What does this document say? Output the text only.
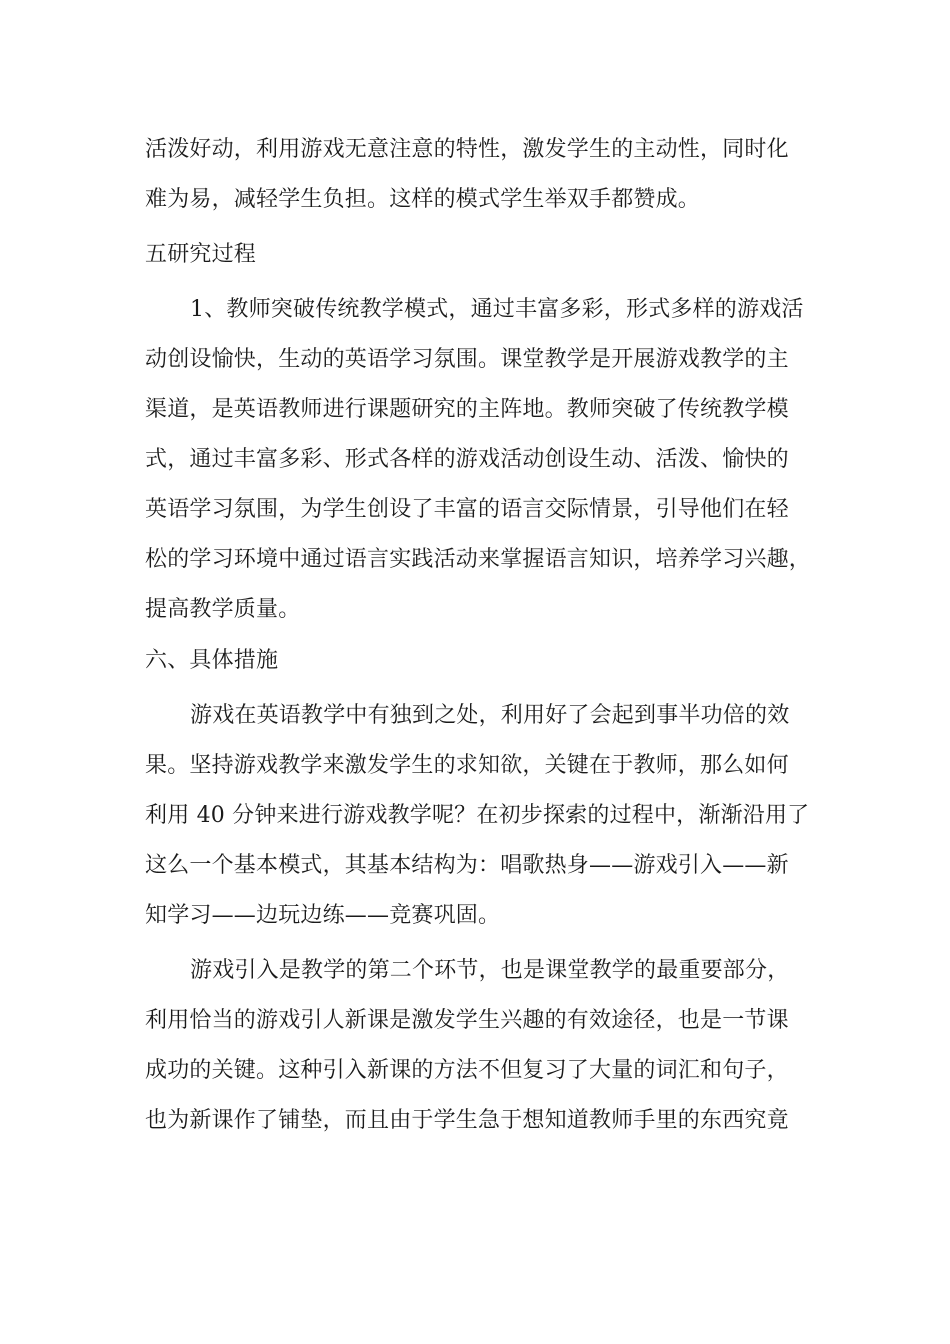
活泼好动，利用游戏无意注意的特性，激发学生的主动性，同时化

难为易，减轻学生负担。这样的模式学生举双手都赞成。

五研究过程

1、教师突破传统教学模式，通过丰富多彩，形式多样的游戏活

动创设愉快，生动的英语学习氛围。课堂教学是开展游戏教学的主

渠道，是英语教师进行课题研究的主阵地。教师突破了传统教学模

式，通过丰富多彩、形式各样的游戏活动创设生动、活泼、愉快的

英语学习氛围，为学生创设了丰富的语言交际情景，引导他们在轻

松的学习环境中通过语言实践活动来掌握语言知识，培养学习兴趣，

提高教学质量。

六、具体措施

游戏在英语教学中有独到之处，利用好了会起到事半功倍的效

果。坚持游戏教学来激发学生的求知欲，关键在于教师，那么如何

利用 40 分钟来进行游戏教学呢？在初步探索的过程中，渐渐沿用了

这么一个基本模式，其基本结构为：唱歌热身——游戏引入——新

知学习——边玩边练——竞赛巩固。

游戏引入是教学的第二个环节，也是课堂教学的最重要部分，

利用恰当的游戏引人新课是激发学生兴趣的有效途径，也是一节课

成功的关键。这种引入新课的方法不但复习了大量的词汇和句子，

也为新课作了铺垫，而且由于学生急于想知道教师手里的东西究竟
